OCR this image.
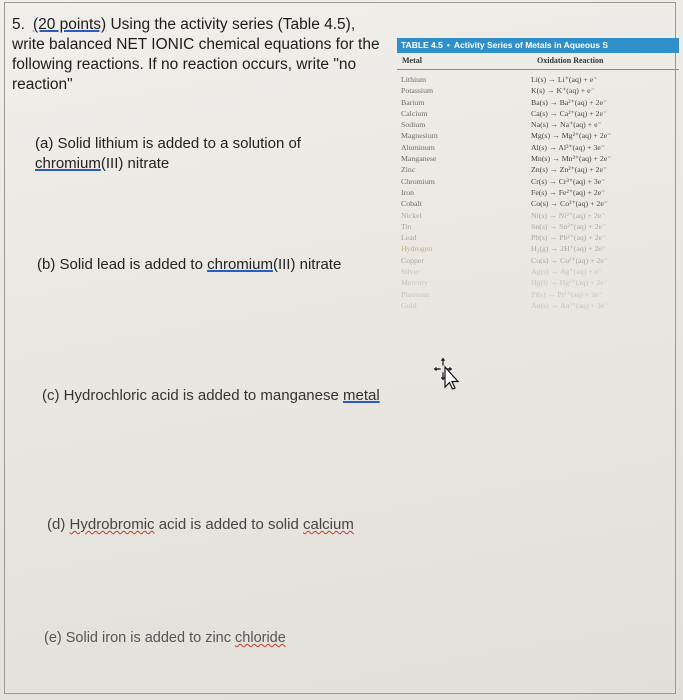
5. (20 points) Using the activity series (Table 4.5), write balanced NET IONIC chemical equations for the following reactions. If no reaction occurs, write "no reaction"
(a) Solid lithium is added to a solution of
chromium(III) nitrate
(b) Solid lead is added to chromium(III) nitrate
(c) Hydrochloric acid is added to manganese metal
(d) Hydrobromic acid is added to solid calcium
(e) Solid iron is added to zinc chloride
TABLE 4.5 • Activity Series of Metals in Aqueous S
Metal	Oxidation Reaction
Lithium	Li(s) → Li⁺(aq) + e⁻
Potassium	K(s) → K⁺(aq) + e⁻
Barium	Ba(s) → Ba²⁺(aq) + 2e⁻
Calcium	Ca(s) → Ca²⁺(aq) + 2e⁻
Sodium	Na(s) → Na⁺(aq) + e⁻
Magnesium	Mg(s) → Mg²⁺(aq) + 2e⁻
Aluminum	Al(s) → Al³⁺(aq) + 3e⁻
Manganese	Mn(s) → Mn²⁺(aq) + 2e⁻
Zinc	Zn(s) → Zn²⁺(aq) + 2e⁻
Chromium	Cr(s) → Cr³⁺(aq) + 3e⁻
Iron	Fe(s) → Fe²⁺(aq) + 2e⁻
Cobalt	Co(s) → Co²⁺(aq) + 2e⁻
Nickel	Ni(s) → Ni²⁺(aq) + 2e⁻
Tin	Sn(s) → Sn²⁺(aq) + 2e⁻
Lead	Pb(s) → Pb²⁺(aq) + 2e⁻
Hydrogen	H₂(g) → 2H⁺(aq) + 2e⁻
Copper	Cu(s) → Cu²⁺(aq) + 2e⁻
Silver	Ag(s) → Ag⁺(aq) + e⁻
Mercury	Hg(l) → Hg²⁺(aq) + 2e⁻
Platinum	Pt(s) → Pt²⁺(aq) + 2e⁻
Gold	Au(s) → Au³⁺(aq) + 3e⁻
